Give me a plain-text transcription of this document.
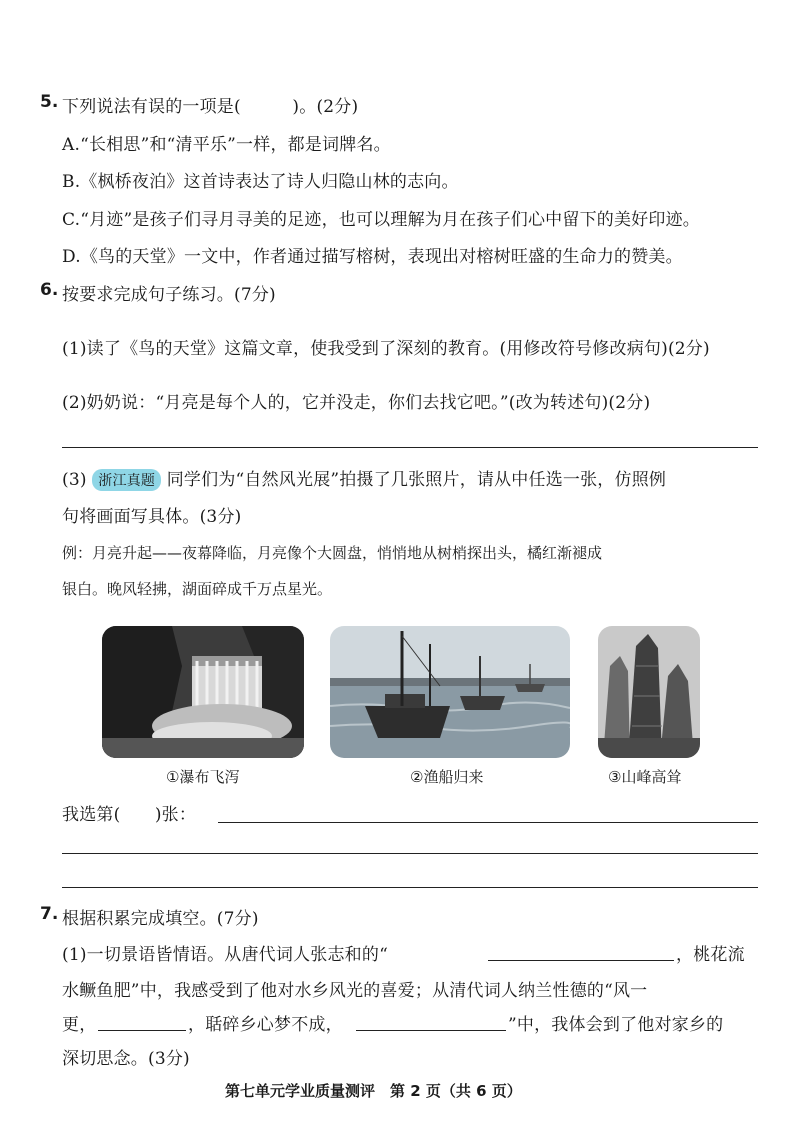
5. 下列说法有误的一项是(　　　)。(2分)
A.“长相思”和“清平乐”一样，都是词牌名。
B.《枫桥夜泊》这首诗表达了诗人归隐山林的志向。
C.“月迹”是孩子们寻月寻美的足迹，也可以理解为月在孩子们心中留下的美好印迹。
D.《鸟的天堂》一文中，作者通过描写榕树，表现出对榕树旺盛的生命力的赞美。
6. 按要求完成句子练习。(7分)
(1)读了《鸟的天堂》这篇文章，使我受到了深刻的教育。(用修改符号修改病句)(2分)
(2)奶奶说：“月亮是每个人的，它并没走，你们去找它吧。”(改为转述句)(2分)
(3) 浙江真题 同学们为“自然风光展”拍摄了几张照片，请从中任选一张，仿照例
句将画面写具体。(3分)
例：月亮升起——夜幕降临，月亮像个大圆盘，悄悄地从树梢探出头，橘红渐褪成
银白。晚风轻拂，湖面碎成千万点星光。
①瀑布飞泻	②渔船归来	③山峰高耸
我选第(　　)张：
7. 根据积累完成填空。(7分)
(1)一切景语皆情语。从唐代词人张志和的“	，桃花流
水鳜鱼肥”中，我感受到了他对水乡风光的喜爱；从清代词人纳兰性德的“风一
更，	，聒碎乡心梦不成，	”中，我体会到了他对家乡的
深切思念。(3分)
第七单元学业质量测评　第 2 页（共 6 页）
